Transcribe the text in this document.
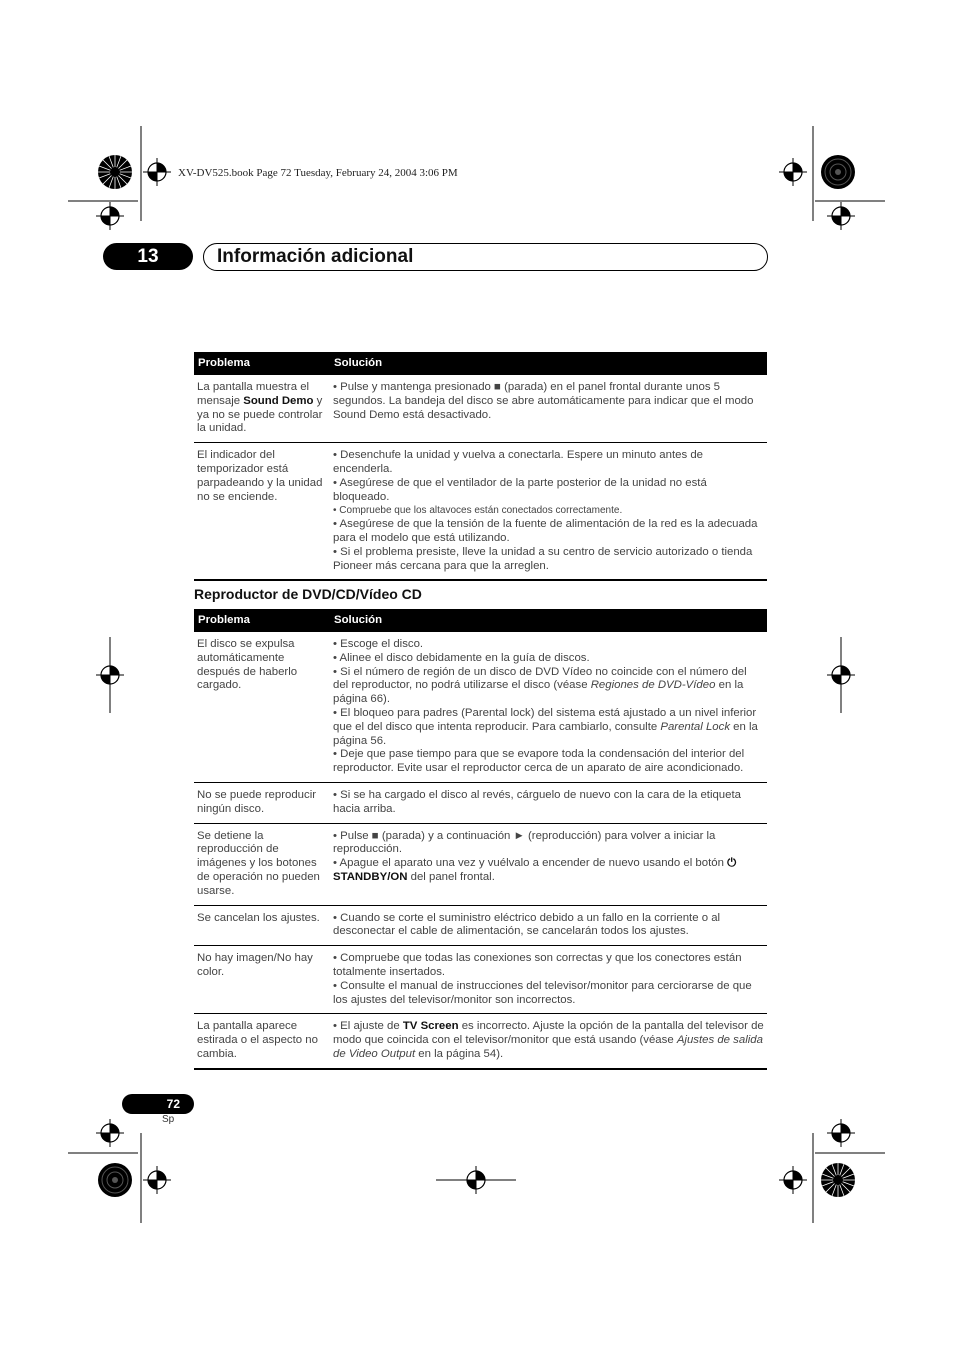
XV-DV525.book Page 72 Tuesday, February 24, 2004 3:06 PM
13	Información adicional
Problema	Solución
La pantalla muestra el mensaje Sound Demo y ya no se puede controlar la unidad.	• Pulse y mantenga presionado ■ (parada) en el panel frontal durante unos 5 segundos. La bandeja del disco se abre automáticamente para indicar que el modo Sound Demo está desactivado.

El indicador del temporizador está parpadeando y la unidad no se enciende.	• Desenchufe la unidad y vuelva a conectarla. Espere un minuto antes de encenderla.
• Asegúrese de que el ventilador de la parte posterior de la unidad no está bloqueado.
• Compruebe que los altavoces están conectados correctamente.
• Asegúrese de que la tensión de la fuente de alimentación de la red es la adecuada para el modelo que está utilizando.
• Si el problema presiste, lleve la unidad a su centro de servicio autorizado o tienda Pioneer más cercana para que la arreglen.
Reproductor de DVD/CD/Vídeo CD
Problema	Solución
El disco se expulsa automáticamente después de haberlo cargado.	• Escoge el disco.
• Alinee el disco debidamente en la guía de discos.
• Si el número de región de un disco de DVD Vídeo no coincide con el número del del reproductor, no podrá utilizarse el disco (véase Regiones de DVD-Vídeo en la página 66).
• El bloqueo para padres (Parental lock) del sistema está ajustado a un nivel inferior que el del disco que intenta reproducir. Para cambiarlo, consulte Parental Lock en la página 56.
• Deje que pase tiempo para que se evapore toda la condensación del interior del reproductor. Evite usar el reproductor cerca de un aparato de aire acondicionado.

No se puede reproducir ningún disco.	• Si se ha cargado el disco al revés, cárguelo de nuevo con la cara de la etiqueta hacia arriba.

Se detiene la reproducción de imágenes y los botones de operación no pueden usarse.	• Pulse ■ (parada) y a continuación ► (reproducción) para volver a iniciar la reproducción.
• Apague el aparato una vez y vuélvalo a encender de nuevo usando el botón ⏻ STANDBY/ON del panel frontal.

Se cancelan los ajustes.	• Cuando se corte el suministro eléctrico debido a un fallo en la corriente o al desconectar el cable de alimentación, se cancelarán todos los ajustes.

No hay imagen/No hay color.	• Compruebe que todas las conexiones son correctas y que los conectores están totalmente insertados.
• Consulte el manual de instrucciones del televisor/monitor para cerciorarse de que los ajustes del televisor/monitor son incorrectos.

La pantalla aparece estirada o el aspecto no cambia.	• El ajuste de TV Screen es incorrecto. Ajuste la opción de la pantalla del televisor de modo que coincida con el televisor/monitor que está usando (véase Ajustes de salida de Video Output en la página 54).
72
Sp
